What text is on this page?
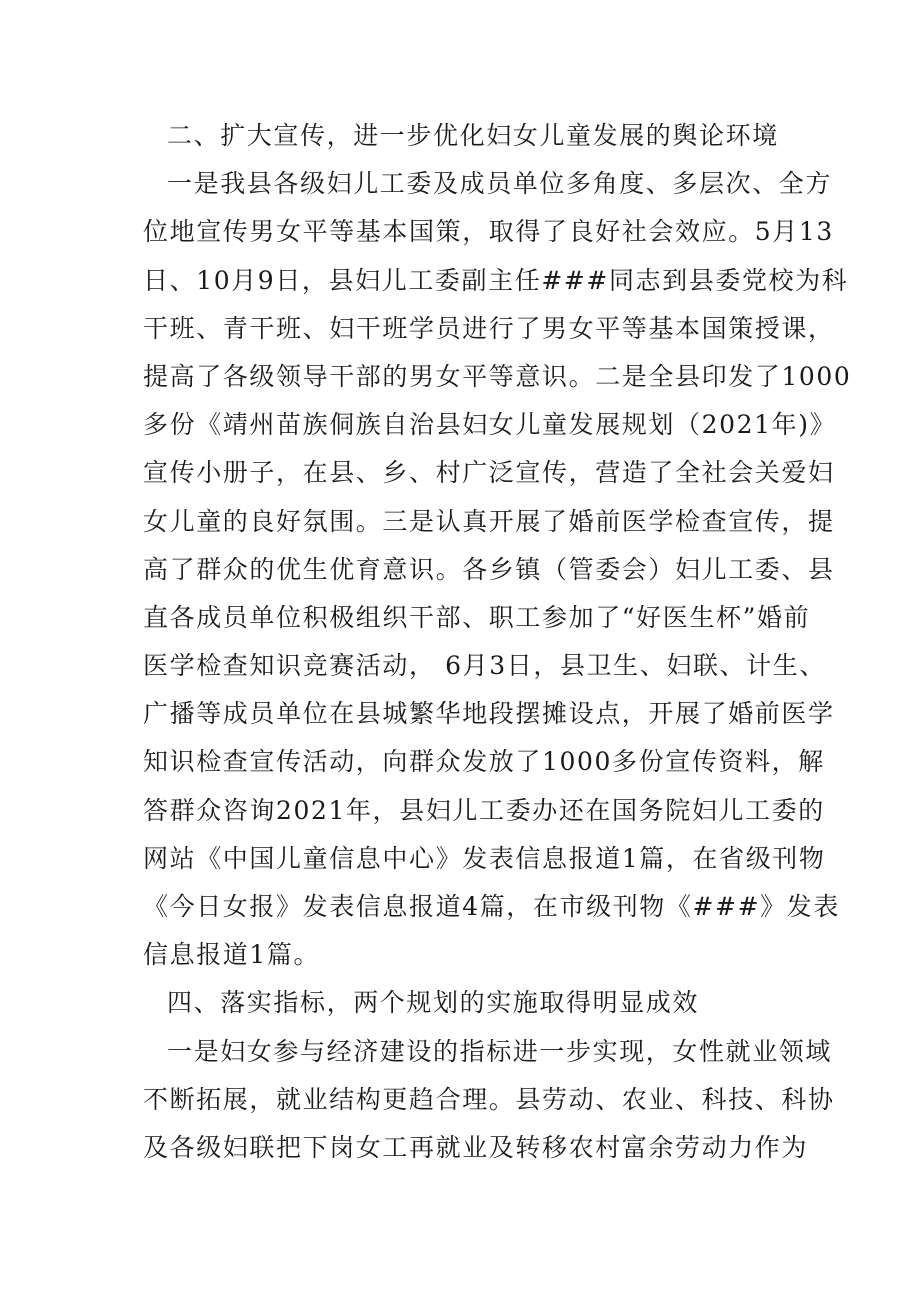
二、扩大宣传，进一步优化妇女儿童发展的舆论环境
一是我县各级妇儿工委及成员单位多角度、多层次、全方
位地宣传男女平等基本国策，取得了良好社会效应。5月13
日、10月9日，县妇儿工委副主任###同志到县委党校为科
干班、青干班、妇干班学员进行了男女平等基本国策授课，
提高了各级领导干部的男女平等意识。二是全县印发了1000
多份《靖州苗族侗族自治县妇女儿童发展规划（2021年)》
宣传小册子，在县、乡、村广泛宣传，营造了全社会关爱妇
女儿童的良好氛围。三是认真开展了婚前医学检查宣传，提
高了群众的优生优育意识。各乡镇（管委会）妇儿工委、县
直各成员单位积极组织干部、职工参加了“好医生杯”婚前
医学检查知识竞赛活动， 6月3日，县卫生、妇联、计生、
广播等成员单位在县城繁华地段摆摊设点，开展了婚前医学
知识检查宣传活动，向群众发放了1000多份宣传资料，解
答群众咨询2021年，县妇儿工委办还在国务院妇儿工委的
网站《中国儿童信息中心》发表信息报道1篇，在省级刊物
《今日女报》发表信息报道4篇，在市级刊物《###》发表
信息报道1篇。
四、落实指标，两个规划的实施取得明显成效
一是妇女参与经济建设的指标进一步实现，女性就业领域
不断拓展，就业结构更趋合理。县劳动、农业、科技、科协
及各级妇联把下岗女工再就业及转移农村富余劳动力作为
